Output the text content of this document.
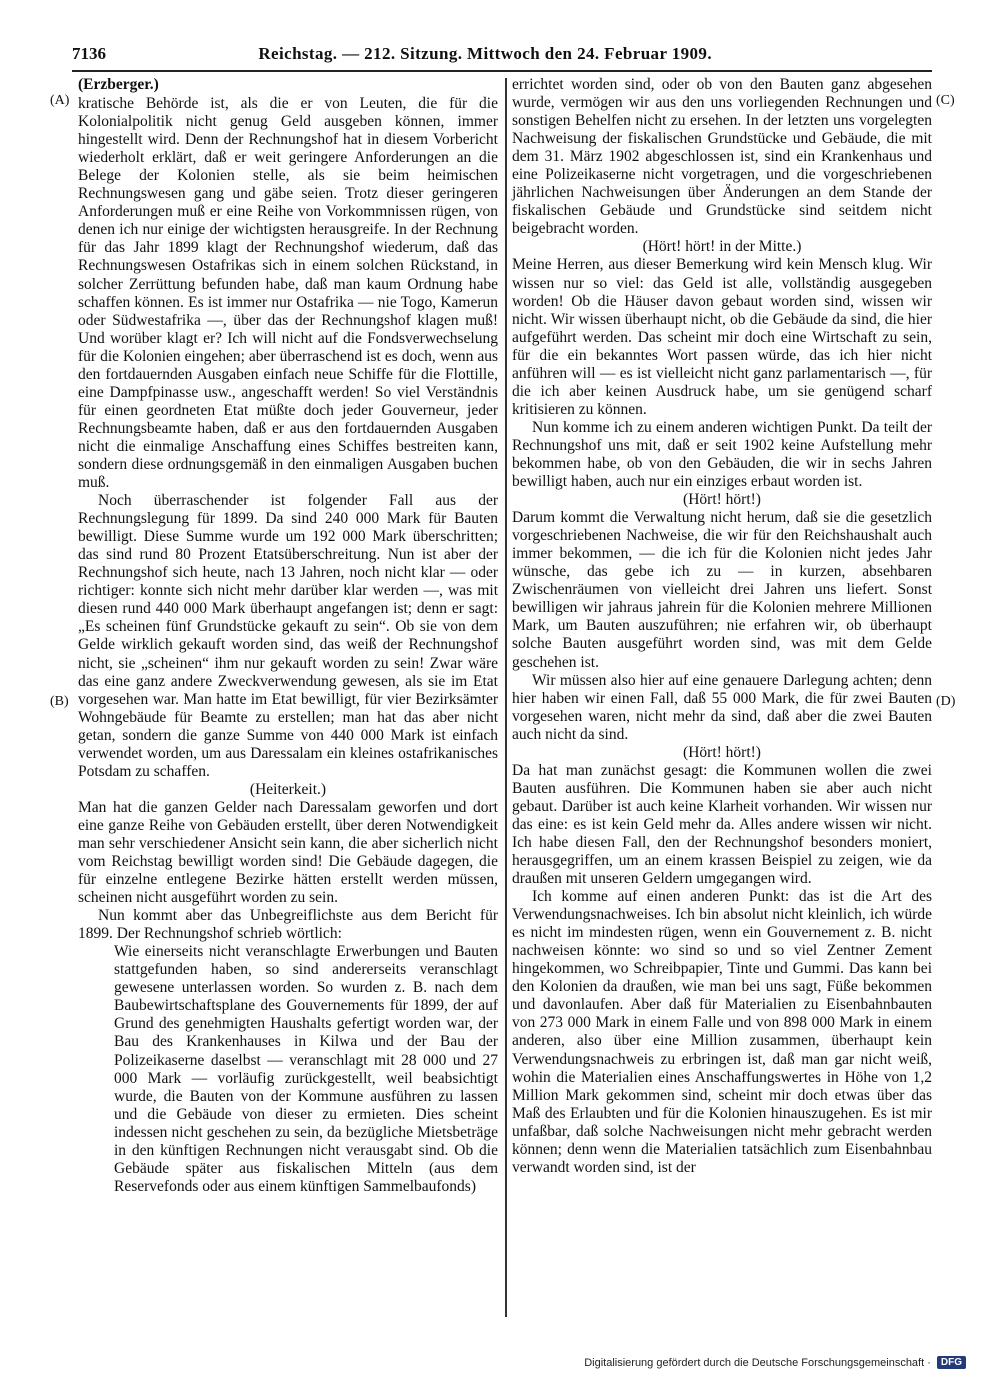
7136	Reichstag. — 212. Sitzung. Mittwoch den 24. Februar 1909.
(A)
(B)
(C)
(D)

(Erzberger.)

kratische Behörde ist, als die er von Leuten, die für die Kolonialpolitik nicht genug Geld ausgeben können, immer hingestellt wird. Denn der Rechnungshof hat in diesem Vorbericht wiederholt erklärt, daß er weit geringere Anforderungen an die Belege der Kolonien stelle, als sie beim heimischen Rechnungswesen gang und gäbe seien. Trotz dieser geringeren Anforderungen muß er eine Reihe von Vorkommnissen rügen, von denen ich nur einige der wichtigsten herausgreife. In der Rechnung für das Jahr 1899 klagt der Rechnungshof wiederum, daß das Rechnungswesen Ostafrikas sich in einem solchen Rückstand, in solcher Zerrüttung befunden habe, daß man kaum Ordnung habe schaffen können. Es ist immer nur Ostafrika — nie Togo, Kamerun oder Südwestafrika —, über das der Rechnungshof klagen muß! Und worüber klagt er? Ich will nicht auf die Fondsverwechselung für die Kolonien eingehen; aber überraschend ist es doch, wenn aus den fortdauernden Ausgaben einfach neue Schiffe für die Flottille, eine Dampfpinasse usw., angeschafft werden! So viel Verständnis für einen geordneten Etat müßte doch jeder Gouverneur, jeder Rechnungsbeamte haben, daß er aus den fortdauernden Ausgaben nicht die einmalige Anschaffung eines Schiffes bestreiten kann, sondern diese ordnungsgemäß in den einmaligen Ausgaben buchen muß.

Noch überraschender ist folgender Fall aus der Rechnungslegung für 1899. Da sind 240 000 Mark für Bauten bewilligt. Diese Summe wurde um 192 000 Mark überschritten; das sind rund 80 Prozent Etatsüberschreitung. Nun ist aber der Rechnungshof sich heute, nach 13 Jahren, noch nicht klar — oder richtiger: konnte sich nicht mehr darüber klar werden —, was mit diesen rund 440 000 Mark überhaupt angefangen ist; denn er sagt: „Es scheinen fünf Grundstücke gekauft zu sein“. Ob sie von dem Gelde wirklich gekauft worden sind, das weiß der Rechnungshof nicht, sie „scheinen“ ihm nur gekauft worden zu sein! Zwar wäre das eine ganz andere Zweckverwendung gewesen, als sie im Etat vorgesehen war. Man hatte im Etat bewilligt, für vier Bezirksämter Wohngebäude für Beamte zu erstellen; man hat das aber nicht getan, sondern die ganze Summe von 440 000 Mark ist einfach verwendet worden, um aus Daressalam ein kleines ostafrikanisches Potsdam zu schaffen.

(Heiterkeit.)

Man hat die ganzen Gelder nach Daressalam geworfen und dort eine ganze Reihe von Gebäuden erstellt, über deren Notwendigkeit man sehr verschiedener Ansicht sein kann, die aber sicherlich nicht vom Reichstag bewilligt worden sind! Die Gebäude dagegen, die für einzelne entlegene Bezirke hätten erstellt werden müssen, scheinen nicht ausgeführt worden zu sein.

Nun kommt aber das Unbegreiflichste aus dem Bericht für 1899. Der Rechnungshof schrieb wörtlich:

Wie einerseits nicht veranschlagte Erwerbungen und Bauten stattgefunden haben, so sind andererseits veranschlagt gewesene unterlassen worden. So wurden z. B. nach dem Baubewirtschaftsplane des Gouvernements für 1899, der auf Grund des genehmigten Haushalts gefertigt worden war, der Bau des Krankenhauses in Kilwa und der Bau der Polizeikaserne daselbst — veranschlagt mit 28 000 und 27 000 Mark — vorläufig zurückgestellt, weil beabsichtigt wurde, die Bauten von der Kommune ausführen zu lassen und die Gebäude von dieser zu ermieten. Dies scheint indessen nicht geschehen zu sein, da bezügliche Mietsbeträge in den künftigen Rechnungen nicht verausgabt sind. Ob die Gebäude später aus fiskalischen Mitteln (aus dem Reservefonds oder aus einem künftigen Sammelbaufonds)

errichtet worden sind, oder ob von den Bauten ganz abgesehen wurde, vermögen wir aus den uns vorliegenden Rechnungen und sonstigen Behelfen nicht zu ersehen. In der letzten uns vorgelegten Nachweisung der fiskalischen Grundstücke und Gebäude, die mit dem 31. März 1902 abgeschlossen ist, sind ein Krankenhaus und eine Polizeikaserne nicht vorgetragen, und die vorgeschriebenen jährlichen Nachweisungen über Änderungen an dem Stande der fiskalischen Gebäude und Grundstücke sind seitdem nicht beigebracht worden.

(Hört! hört! in der Mitte.)

Meine Herren, aus dieser Bemerkung wird kein Mensch klug. Wir wissen nur so viel: das Geld ist alle, vollständig ausgegeben worden! Ob die Häuser davon gebaut worden sind, wissen wir nicht. Wir wissen überhaupt nicht, ob die Gebäude da sind, die hier aufgeführt werden. Das scheint mir doch eine Wirtschaft zu sein, für die ein bekanntes Wort passen würde, das ich hier nicht anführen will — es ist vielleicht nicht ganz parlamentarisch —, für die ich aber keinen Ausdruck habe, um sie genügend scharf kritisieren zu können.

Nun komme ich zu einem anderen wichtigen Punkt. Da teilt der Rechnungshof uns mit, daß er seit 1902 keine Aufstellung mehr bekommen habe, ob von den Gebäuden, die wir in sechs Jahren bewilligt haben, auch nur ein einziges erbaut worden ist.

(Hört! hört!)

Darum kommt die Verwaltung nicht herum, daß sie die gesetzlich vorgeschriebenen Nachweise, die wir für den Reichshaushalt auch immer bekommen, — die ich für die Kolonien nicht jedes Jahr wünsche, das gebe ich zu — in kurzen, absehbaren Zwischenräumen von vielleicht drei Jahren uns liefert. Sonst bewilligen wir jahraus jahrein für die Kolonien mehrere Millionen Mark, um Bauten auszuführen; nie erfahren wir, ob überhaupt solche Bauten ausgeführt worden sind, was mit dem Gelde geschehen ist.

Wir müssen also hier auf eine genauere Darlegung achten; denn hier haben wir einen Fall, daß 55 000 Mark, die für zwei Bauten vorgesehen waren, nicht mehr da sind, daß aber die zwei Bauten auch nicht da sind.

(Hört! hört!)

Da hat man zunächst gesagt: die Kommunen wollen die zwei Bauten ausführen. Die Kommunen haben sie aber auch nicht gebaut. Darüber ist auch keine Klarheit vorhanden. Wir wissen nur das eine: es ist kein Geld mehr da. Alles andere wissen wir nicht. Ich habe diesen Fall, den der Rechnungshof besonders moniert, herausgegriffen, um an einem krassen Beispiel zu zeigen, wie da draußen mit unseren Geldern umgegangen wird.

Ich komme auf einen anderen Punkt: das ist die Art des Verwendungsnachweises. Ich bin absolut nicht kleinlich, ich würde es nicht im mindesten rügen, wenn ein Gouvernement z. B. nicht nachweisen könnte: wo sind so und so viel Zentner Zement hingekommen, wo Schreibpapier, Tinte und Gummi. Das kann bei den Kolonien da draußen, wie man bei uns sagt, Füße bekommen und davonlaufen. Aber daß für Materialien zu Eisenbahnbauten von 273 000 Mark in einem Falle und von 898 000 Mark in einem anderen, also über eine Million zusammen, überhaupt kein Verwendungsnachweis zu erbringen ist, daß man gar nicht weiß, wohin die Materialien eines Anschaffungswertes in Höhe von 1,2 Million Mark gekommen sind, scheint mir doch etwas über das Maß des Erlaubten und für die Kolonien hinauszugehen. Es ist mir unfaßbar, daß solche Nachweisungen nicht mehr gebracht werden können; denn wenn die Materialien tatsächlich zum Eisenbahnbau verwandt worden sind, ist der

Digitalisierung gefördert durch die Deutsche Forschungsgemeinschaft ·	DFG
